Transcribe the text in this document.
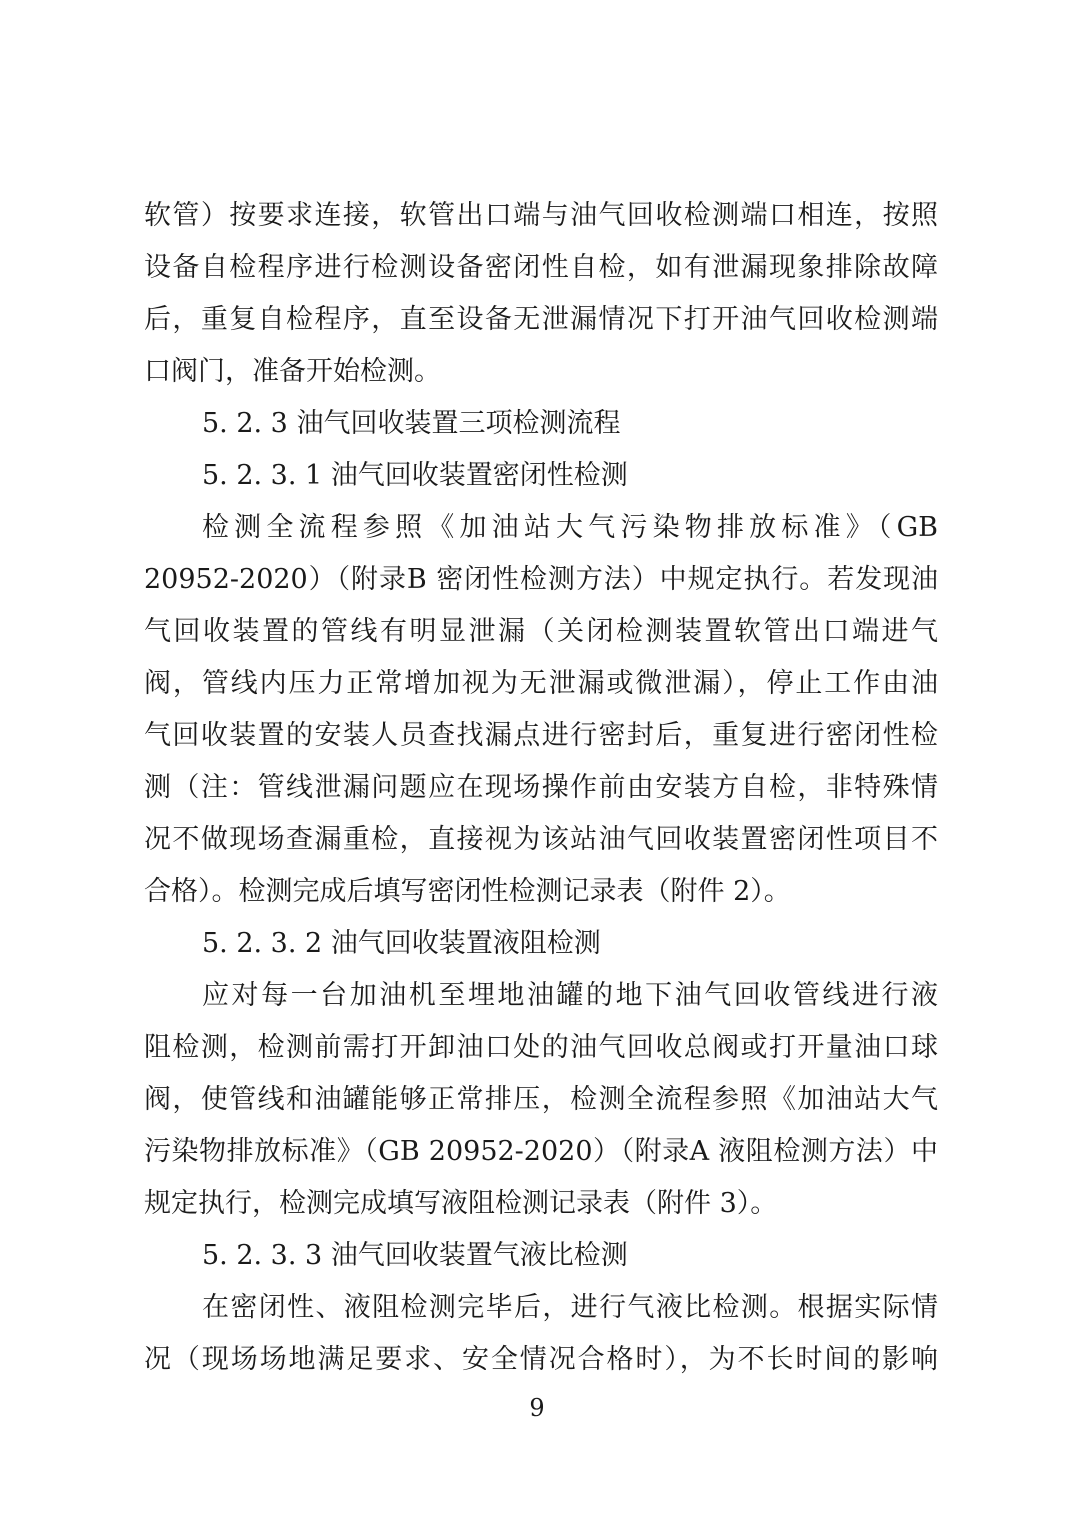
软管）按要求连接，软管出口端与油气回收检测端口相连，按照
设备自检程序进行检测设备密闭性自检，如有泄漏现象排除故障
后，重复自检程序，直至设备无泄漏情况下打开油气回收检测端
口阀门，准备开始检测。
5. 2. 3 油气回收装置三项检测流程
5. 2. 3. 1 油气回收装置密闭性检测
检测全流程参照《加油站大气污染物排放标准》（GB
20952-2020）（附录B 密闭性检测方法）中规定执行。若发现油
气回收装置的管线有明显泄漏（关闭检测装置软管出口端进气
阀，管线内压力正常增加视为无泄漏或微泄漏），停止工作由油
气回收装置的安装人员查找漏点进行密封后，重复进行密闭性检
测（注：管线泄漏问题应在现场操作前由安装方自检，非特殊情
况不做现场查漏重检，直接视为该站油气回收装置密闭性项目不
合格）。检测完成后填写密闭性检测记录表（附件 2）。
5. 2. 3. 2 油气回收装置液阻检测
应对每一台加油机至埋地油罐的地下油气回收管线进行液
阻检测，检测前需打开卸油口处的油气回收总阀或打开量油口球
阀，使管线和油罐能够正常排压，检测全流程参照《加油站大气
污染物排放标准》（GB 20952-2020）（附录A 液阻检测方法）中
规定执行，检测完成填写液阻检测记录表（附件 3）。
5. 2. 3. 3 油气回收装置气液比检测
在密闭性、液阻检测完毕后，进行气液比检测。根据实际情
况（现场场地满足要求、安全情况合格时），为不长时间的影响
9
